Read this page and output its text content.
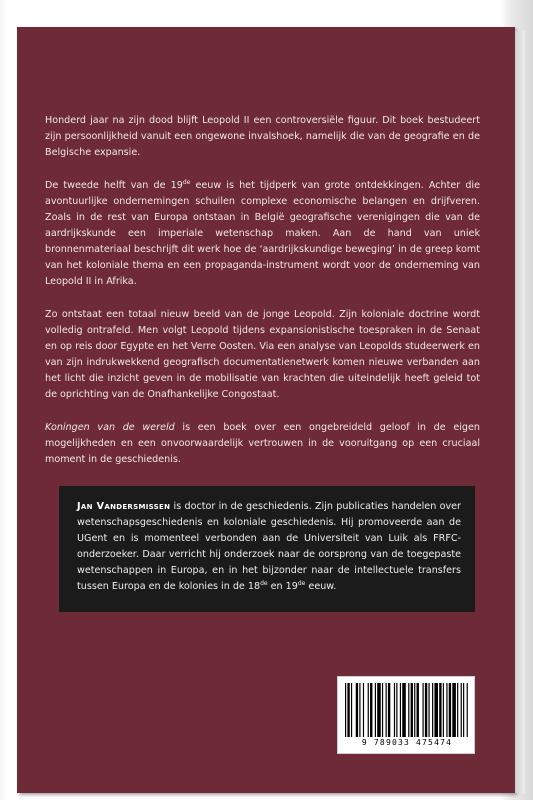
Honderd jaar na zijn dood blijft Leopold II een controversiële figuur. Dit boek bestudeert zijn persoonlijkheid vanuit een ongewone invalshoek, namelijk die van de geografie en de Belgische expansie.

De tweede helft van de 19de eeuw is het tijdperk van grote ontdekkingen. Achter die avontuurlijke ondernemingen schuilen complexe economische belangen en drijfveren. Zoals in de rest van Europa ontstaan in België geografische verenigingen die van de aardrijkskunde een imperiale wetenschap maken. Aan de hand van uniek bronnenmateriaal beschrijft dit werk hoe de ‘aardrijkskundige beweging’ in de greep komt van het koloniale thema en een propaganda-instrument wordt voor de onderneming van Leopold II in Afrika.

Zo ontstaat een totaal nieuw beeld van de jonge Leopold. Zijn koloniale doctrine wordt volledig ontrafeld. Men volgt Leopold tijdens expansionistische toespraken in de Senaat en op reis door Egypte en het Verre Oosten. Via een analyse van Leopolds studeerwerk en van zijn indrukwekkend geografisch documentatienetwerk komen nieuwe verbanden aan het licht die inzicht geven in de mobilisatie van krachten die uiteindelijk heeft geleid tot de oprichting van de Onafhankelijke Congostaat.

Koningen van de wereld is een boek over een ongebreideld geloof in de eigen mogelijkheden en een onvoorwaardelijk vertrouwen in de vooruitgang op een cruciaal moment in de geschiedenis.

Jan Vandersmissen is doctor in de geschiedenis. Zijn publicaties handelen over wetenschapsgeschiedenis en koloniale geschiedenis. Hij promoveerde aan de UGent en is momenteel verbonden aan de Universiteit van Luik als FRFC-onderzoeker. Daar verricht hij onderzoek naar de oorsprong van de toegepaste wetenschappen in Europa, en in het bijzonder naar de intellectuele transfers tussen Europa en de kolonies in de 18de en 19de eeuw.
9 789033 475474
